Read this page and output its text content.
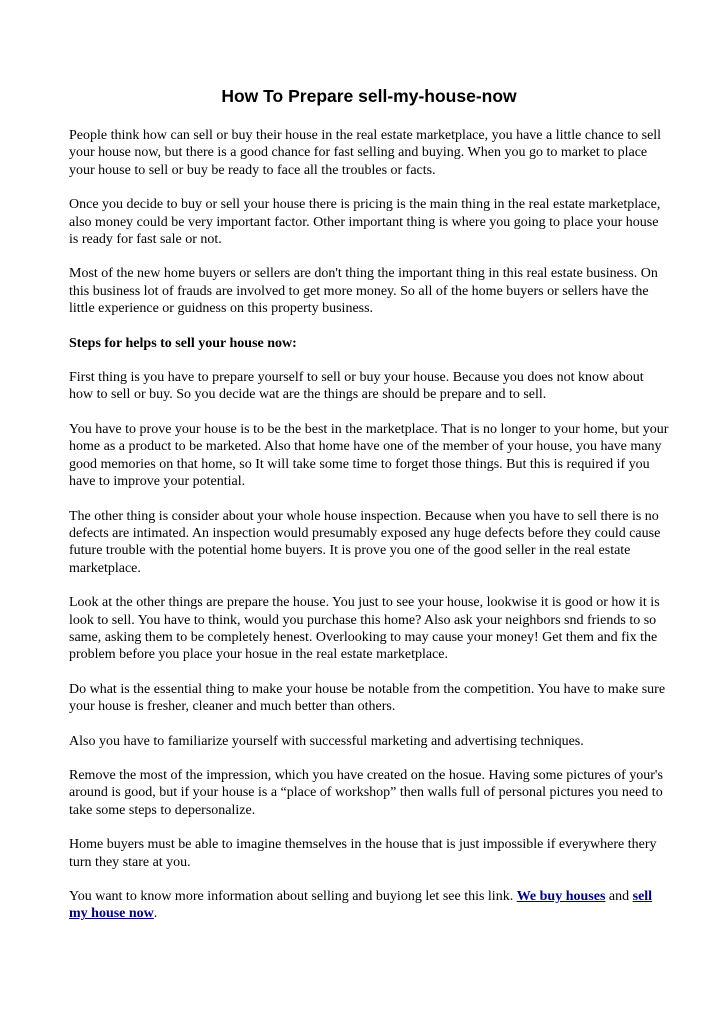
How To Prepare sell-my-house-now

People think how can sell or buy their house in the real estate marketplace, you have a little chance to sell your house now, but there is a good chance for fast selling and buying. When you go to market to place your house to sell or buy be ready to face all the troubles or facts.

Once you decide to buy or sell your house there is pricing is the main thing in the real estate marketplace, also money could be very important factor. Other important thing is where you going to place your house is ready for fast sale or not.

Most of the new home buyers or sellers are don't thing the important thing in this real estate business. On this business lot of frauds are involved to get more money. So all of the home buyers or sellers have the little experience or guidness on this property business.

Steps for helps to sell your house now:

First thing is you have to prepare yourself to sell or buy your house. Because you does not know about how to sell or buy. So you decide wat are the things are should be prepare and to sell.

You have to prove your house is to be the best in the marketplace. That is no longer to your home, but your home as a product to be marketed. Also that home have one of the member of your house, you have many good memories on that home, so It will take some time to forget those things. But this is required if you have to improve your potential.

The other thing is consider about your whole house inspection. Because when you have to sell there is no defects are intimated. An inspection would presumably exposed any huge defects before they could cause future trouble with the potential home buyers. It is prove you one of the good seller in the real estate marketplace.

Look at the other things are prepare the house. You just to see your house, lookwise it is good or how it is look to sell. You have to think, would you purchase this home? Also ask your neighbors snd friends to so same, asking them to be completely henest. Overlooking to may cause your money! Get them and fix the problem before you place your hosue in the real estate marketplace.

Do what is the essential thing to make your house be notable from the competition. You have to make sure your house is fresher, cleaner and much better than others.

Also you have to familiarize yourself with successful marketing and advertising techniques.

Remove the most of the impression, which you have created on the hosue. Having some pictures of your's around is good, but if your house is a “place of workshop” then walls full of personal pictures you need to take some steps to depersonalize.

Home buyers must be able to imagine themselves in the house that is just impossible if everywhere thery turn they stare at you.

You want to know more information about selling and buyiong let see this link. We buy houses and sell my house now.
